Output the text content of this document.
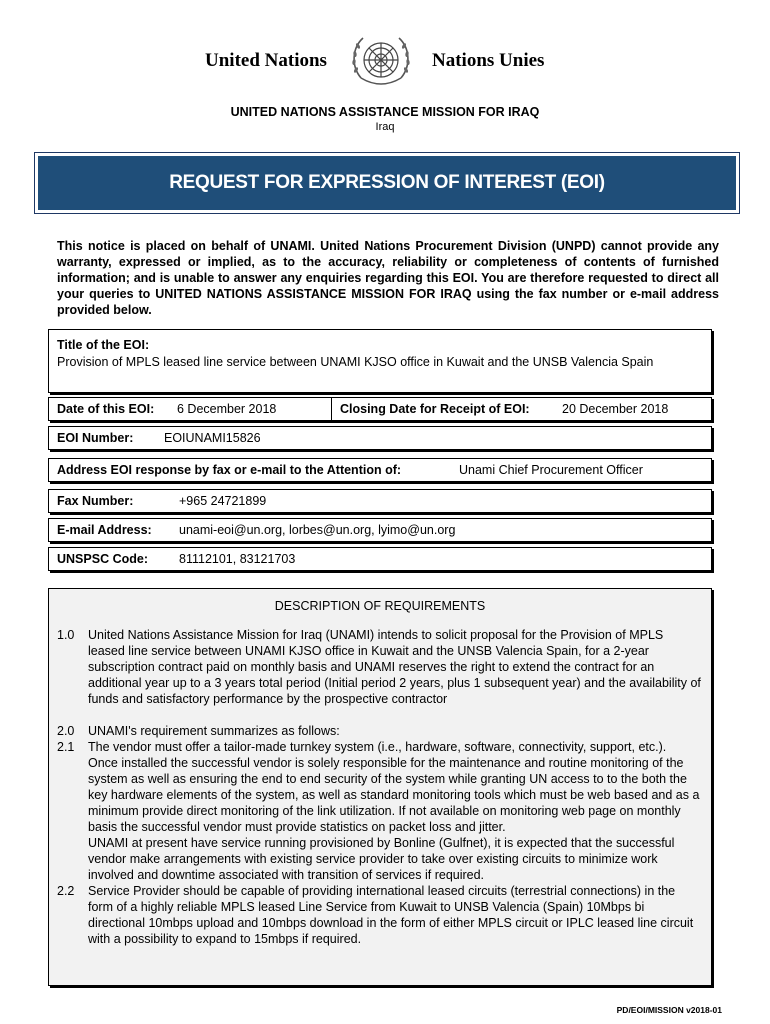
United Nations	Nations Unies
UNITED NATIONS ASSISTANCE MISSION FOR IRAQ
Iraq
REQUEST FOR EXPRESSION OF INTEREST (EOI)
This notice is placed on behalf of UNAMI. United Nations Procurement Division (UNPD) cannot provide any warranty, expressed or implied, as to the accuracy, reliability or completeness of contents of furnished information; and is unable to answer any enquiries regarding this EOI. You are therefore requested to direct all your queries to UNITED NATIONS ASSISTANCE MISSION FOR IRAQ using the fax number or e-mail address provided below.
Title of the EOI:
Provision of MPLS leased line service between UNAMI KJSO office in Kuwait and the UNSB Valencia Spain
Date of this EOI:	6 December 2018	Closing Date for Receipt of EOI:	20 December 2018
EOI Number:	EOIUNAMI15826
Address EOI response by fax or e-mail to the Attention of:	Unami Chief Procurement Officer
Fax Number:	+965 24721899
E-mail Address:	unami-eoi@un.org, lorbes@un.org, lyimo@un.org
UNSPSC Code:	81112101, 83121703
DESCRIPTION OF REQUIREMENTS
1.0	United Nations Assistance Mission for Iraq (UNAMI) intends to solicit proposal for the Provision of MPLS leased line service between UNAMI KJSO office in Kuwait and the UNSB Valencia Spain, for a 2-year subscription contract paid on monthly basis and UNAMI reserves the right to extend the contract for an additional year up to a 3 years total period (Initial period 2 years, plus 1 subsequent year) and the availability of funds and satisfactory performance by the prospective contractor
2.0	UNAMI's requirement summarizes as follows:
2.1	The vendor must offer a tailor-made turnkey system (i.e., hardware, software, connectivity, support, etc.).
Once installed the successful vendor is solely responsible for the maintenance and routine monitoring of the system as well as ensuring the end to end security of the system while granting UN access to to the both the key hardware elements of the system, as well as standard monitoring tools which must be web based and as a minimum provide direct monitoring of the link utilization. If not available on monitoring web page on monthly basis the successful vendor must provide statistics on packet loss and jitter.
UNAMI at present have service running provisioned by Bonline (Gulfnet), it is expected that the successful vendor make arrangements with existing service provider to take over existing circuits to minimize work involved and downtime associated with transition of services if required.
2.2	Service Provider should be capable of providing international leased circuits (terrestrial connections) in the form of a highly reliable MPLS leased Line Service from Kuwait to UNSB Valencia (Spain) 10Mbps bi directional 10mbps upload and 10mbps download in the form of either MPLS circuit or IPLC leased line circuit with a possibility to expand to 15mbps if required.
PD/EOI/MISSION v2018-01
